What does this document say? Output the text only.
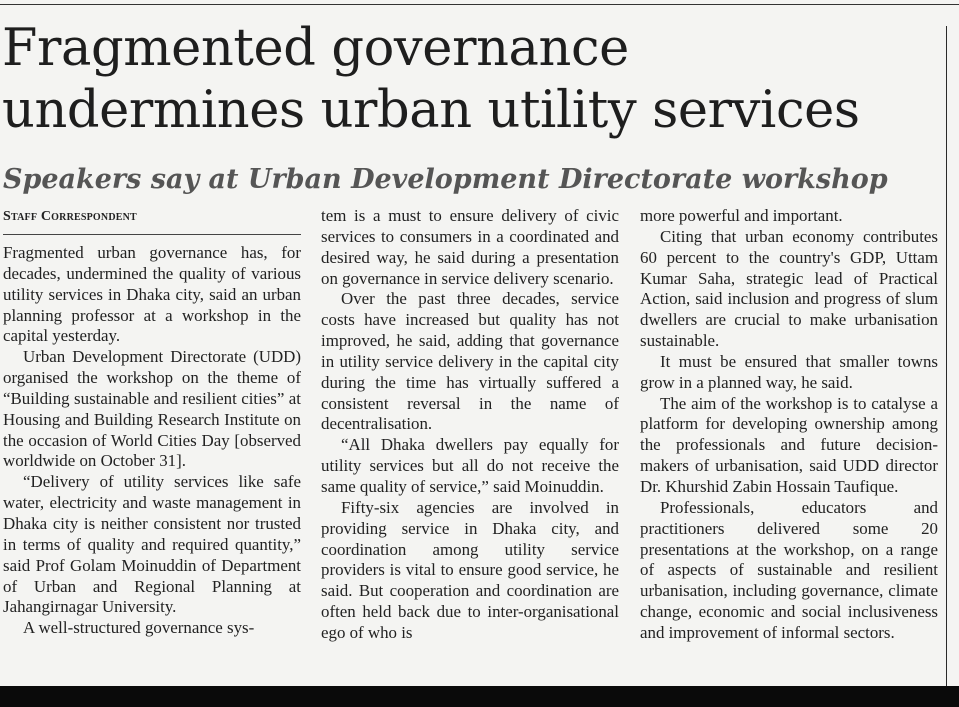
Fragmented governance undermines urban utility services
Speakers say at Urban Development Directorate workshop
Staff Correspondent

Fragmented urban governance has, for decades, undermined the quality of various utility services in Dhaka city, said an urban planning professor at a workshop in the capital yesterday.

Urban Development Directorate (UDD) organised the workshop on the theme of “Building sustainable and resilient cities” at Housing and Building Research Institute on the occasion of World Cities Day [observed worldwide on October 31].

“Delivery of utility services like safe water, electricity and waste management in Dhaka city is neither consistent nor trusted in terms of quality and required quantity,” said Prof Golam Moinuddin of Department of Urban and Regional Planning at Jahangirnagar University.

A well-structured governance sys-

tem is a must to ensure delivery of civic services to consumers in a coordinated and desired way, he said during a presentation on governance in service delivery scenario.

Over the past three decades, service costs have increased but quality has not improved, he said, adding that governance in utility service delivery in the capital city during the time has virtually suffered a consistent reversal in the name of decentralisation.

“All Dhaka dwellers pay equally for utility services but all do not receive the same quality of service,” said Moinuddin.

Fifty-six agencies are involved in providing service in Dhaka city, and coordination among utility service providers is vital to ensure good service, he said. But cooperation and coordination are often held back due to inter-organisational ego of who is

more powerful and important.

Citing that urban economy contributes 60 percent to the country's GDP, Uttam Kumar Saha, strategic lead of Practical Action, said inclusion and progress of slum dwellers are crucial to make urbanisation sustainable.

It must be ensured that smaller towns grow in a planned way, he said.

The aim of the workshop is to catalyse a platform for developing ownership among the professionals and future decision-makers of urbanisation, said UDD director Dr. Khurshid Zabin Hossain Taufique.

Professionals, educators and practitioners delivered some 20 presentations at the workshop, on a range of aspects of sustainable and resilient urbanisation, including governance, climate change, economic and social inclusiveness and improvement of informal sectors.
